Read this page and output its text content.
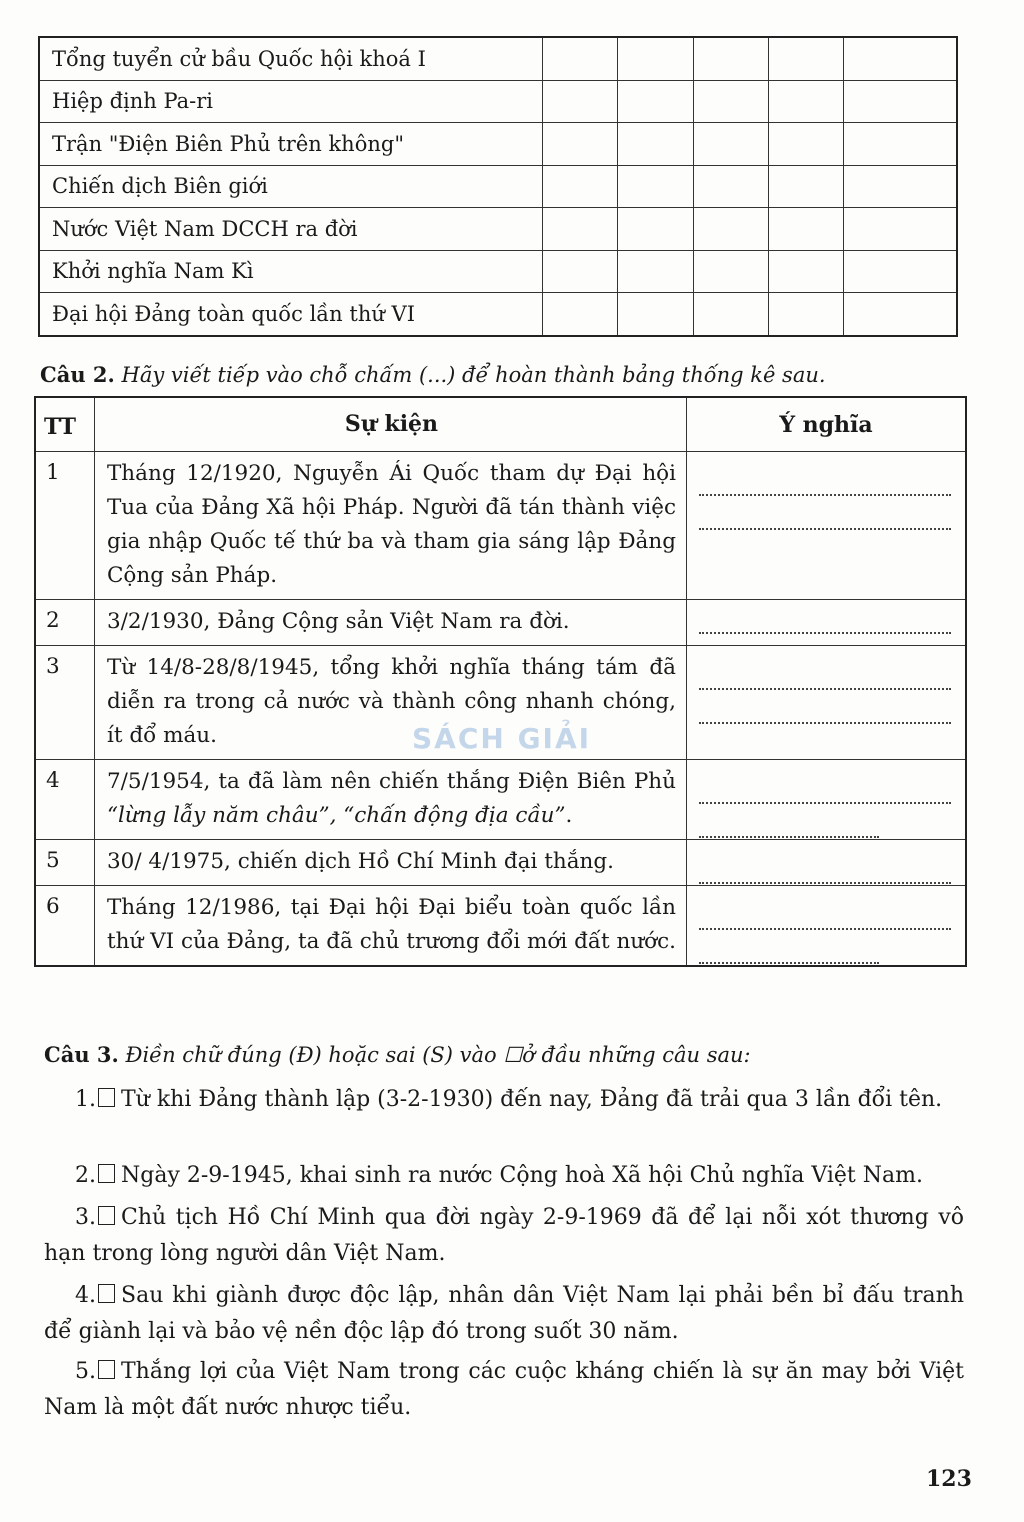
Tổng tuyển cử bầu Quốc hội khoá I					
Hiệp định Pa-ri					
Trận "Điện Biên Phủ trên không"					
Chiến dịch Biên giới					
Nước Việt Nam DCCH ra đời					
Khởi nghĩa Nam Kì					
Đại hội Đảng toàn quốc lần thứ VI					
Câu 2. Hãy viết tiếp vào chỗ chấm (...) để hoàn thành bảng thống kê sau.
TT	Sự kiện	Ý nghĩa
1	Tháng 12/1920, Nguyễn Ái Quốc tham dự Đại hội Tua của Đảng Xã hội Pháp. Người đã tán thành việc gia nhập Quốc tế thứ ba và tham gia sáng lập Đảng Cộng sản Pháp.	

2	3/2/1930, Đảng Cộng sản Việt Nam ra đời.	

3	Từ 14/8-28/8/1945, tổng khởi nghĩa tháng tám đã diễn ra trong cả nước và thành công nhanh chóng, ít đổ máu.	

4	7/5/1954, ta đã làm nên chiến thắng Điện Biên Phủ “lừng lẫy năm châu”, “chấn động địa cầu”.	

5	30/ 4/1975, chiến dịch Hồ Chí Minh đại thắng.	

6	Tháng 12/1986, tại Đại hội Đại biểu toàn quốc lần thứ VI của Đảng, ta đã chủ trương đổi mới đất nước.	
SÁCH GIẢI
Câu 3. Điền chữ đúng (Đ) hoặc sai (S) vào ☐ở đầu những câu sau:
1. Từ khi Đảng thành lập (3-2-1930) đến nay, Đảng đã trải qua 3 lần đổi tên.
2. Ngày 2-9-1945, khai sinh ra nước Cộng hoà Xã hội Chủ nghĩa Việt Nam.
3. Chủ tịch Hồ Chí Minh qua đời ngày 2-9-1969 đã để lại nỗi xót thương vô hạn trong lòng người dân Việt Nam.
4. Sau khi giành được độc lập, nhân dân Việt Nam lại phải bền bỉ đấu tranh để giành lại và bảo vệ nền độc lập đó trong suốt 30 năm.
5. Thắng lợi của Việt Nam trong các cuộc kháng chiến là sự ăn may bởi Việt Nam là một đất nước nhược tiểu.
123
